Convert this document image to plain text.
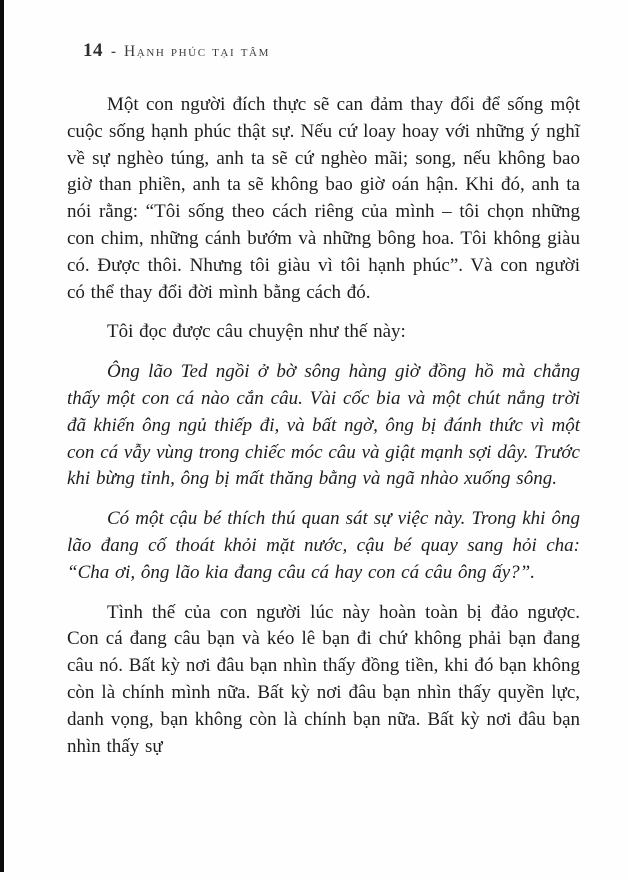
14 - Hạnh phúc tại tâm

Một con người đích thực sẽ can đảm thay đổi để sống một cuộc sống hạnh phúc thật sự. Nếu cứ loay hoay với những ý nghĩ về sự nghèo túng, anh ta sẽ cứ nghèo mãi; song, nếu không bao giờ than phiền, anh ta sẽ không bao giờ oán hận. Khi đó, anh ta nói rằng: “Tôi sống theo cách riêng của mình – tôi chọn những con chim, những cánh bướm và những bông hoa. Tôi không giàu có. Được thôi. Nhưng tôi giàu vì tôi hạnh phúc”. Và con người có thể thay đổi đời mình bằng cách đó.

Tôi đọc được câu chuyện như thế này:

Ông lão Ted ngồi ở bờ sông hàng giờ đồng hồ mà chẳng thấy một con cá nào cắn câu. Vài cốc bia và một chút nắng trời đã khiến ông ngủ thiếp đi, và bất ngờ, ông bị đánh thức vì một con cá vẫy vùng trong chiếc móc câu và giật mạnh sợi dây. Trước khi bừng tỉnh, ông bị mất thăng bằng và ngã nhào xuống sông.

Có một cậu bé thích thú quan sát sự việc này. Trong khi ông lão đang cố thoát khỏi mặt nước, cậu bé quay sang hỏi cha: “Cha ơi, ông lão kia đang câu cá hay con cá câu ông ấy?”.

Tình thế của con người lúc này hoàn toàn bị đảo ngược. Con cá đang câu bạn và kéo lê bạn đi chứ không phải bạn đang câu nó. Bất kỳ nơi đâu bạn nhìn thấy đồng tiền, khi đó bạn không còn là chính mình nữa. Bất kỳ nơi đâu bạn nhìn thấy quyền lực, danh vọng, bạn không còn là chính bạn nữa. Bất kỳ nơi đâu bạn nhìn thấy sự
